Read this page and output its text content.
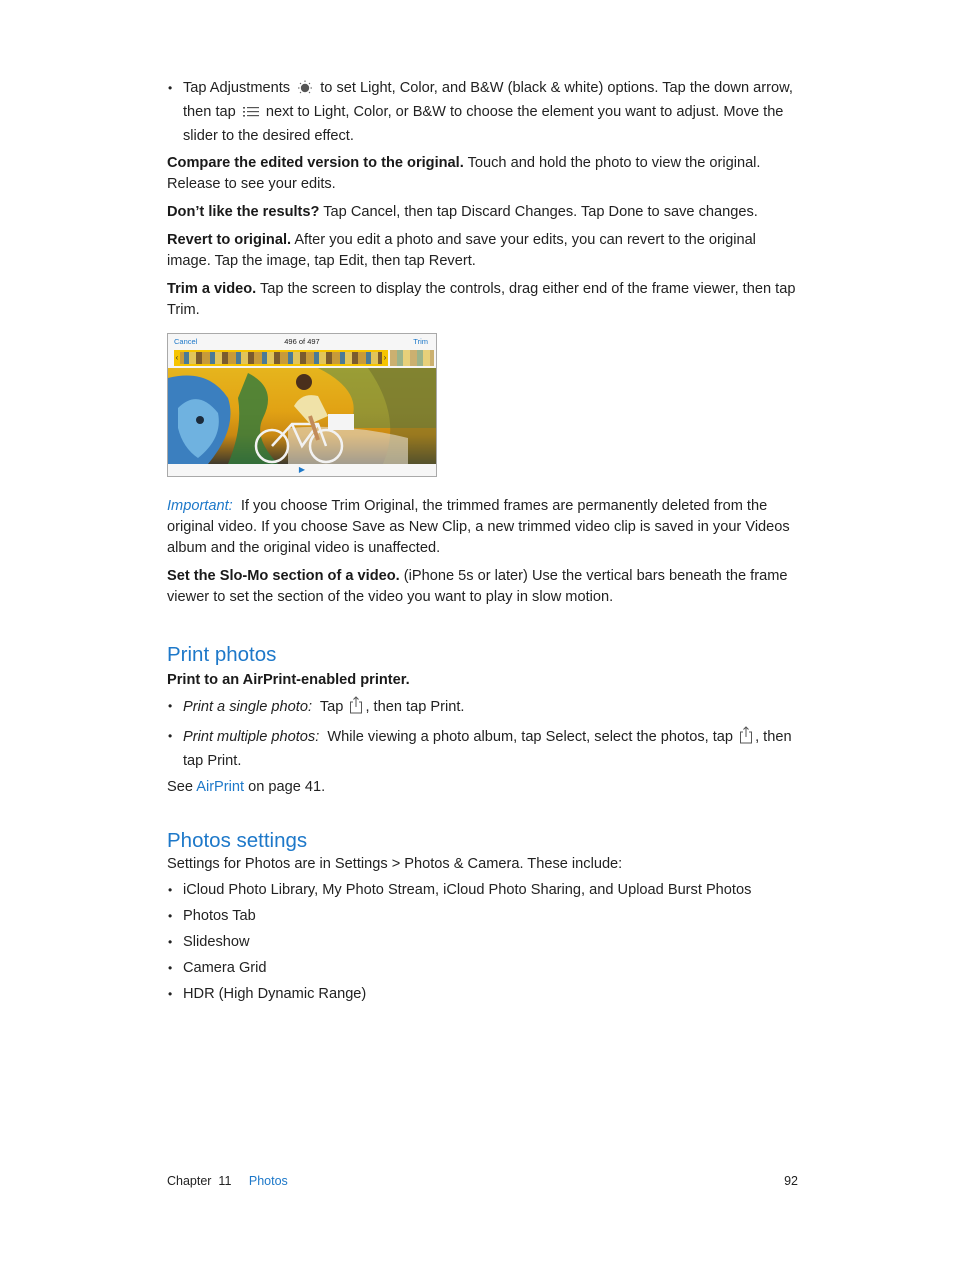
• Tap Adjustments to set Light, Color, and B&W (black & white) options. Tap the down arrow, then tap next to Light, Color, or B&W to choose the element you want to adjust. Move the slider to the desired effect.

Compare the edited version to the original. Touch and hold the photo to view the original. Release to see your edits.

Don’t like the results? Tap Cancel, then tap Discard Changes. Tap Done to save changes.

Revert to original. After you edit a photo and save your edits, you can revert to the original image. Tap the image, tap Edit, then tap Revert.

Trim a video. Tap the screen to display the controls, drag either end of the frame viewer, then tap Trim.

Cancel	496 of 497	Trim
‹	›
▶

Important: If you choose Trim Original, the trimmed frames are permanently deleted from the original video. If you choose Save as New Clip, a new trimmed video clip is saved in your Videos album and the original video is unaffected.

Set the Slo-Mo section of a video. (iPhone 5s or later) Use the vertical bars beneath the frame viewer to set the section of the video you want to play in slow motion.

Print photos

Print to an AirPrint-enabled printer.

• Print a single photo: Tap , then tap Print.
• Print multiple photos: While viewing a photo album, tap Select, select the photos, tap , then tap Print.

See AirPrint on page 41.

Photos settings

Settings for Photos are in Settings > Photos & Camera. These include:

• iCloud Photo Library, My Photo Stream, iCloud Photo Sharing, and Upload Burst Photos
• Photos Tab
• Slideshow
• Camera Grid
• HDR (High Dynamic Range)
Chapter  11 Photos	92
